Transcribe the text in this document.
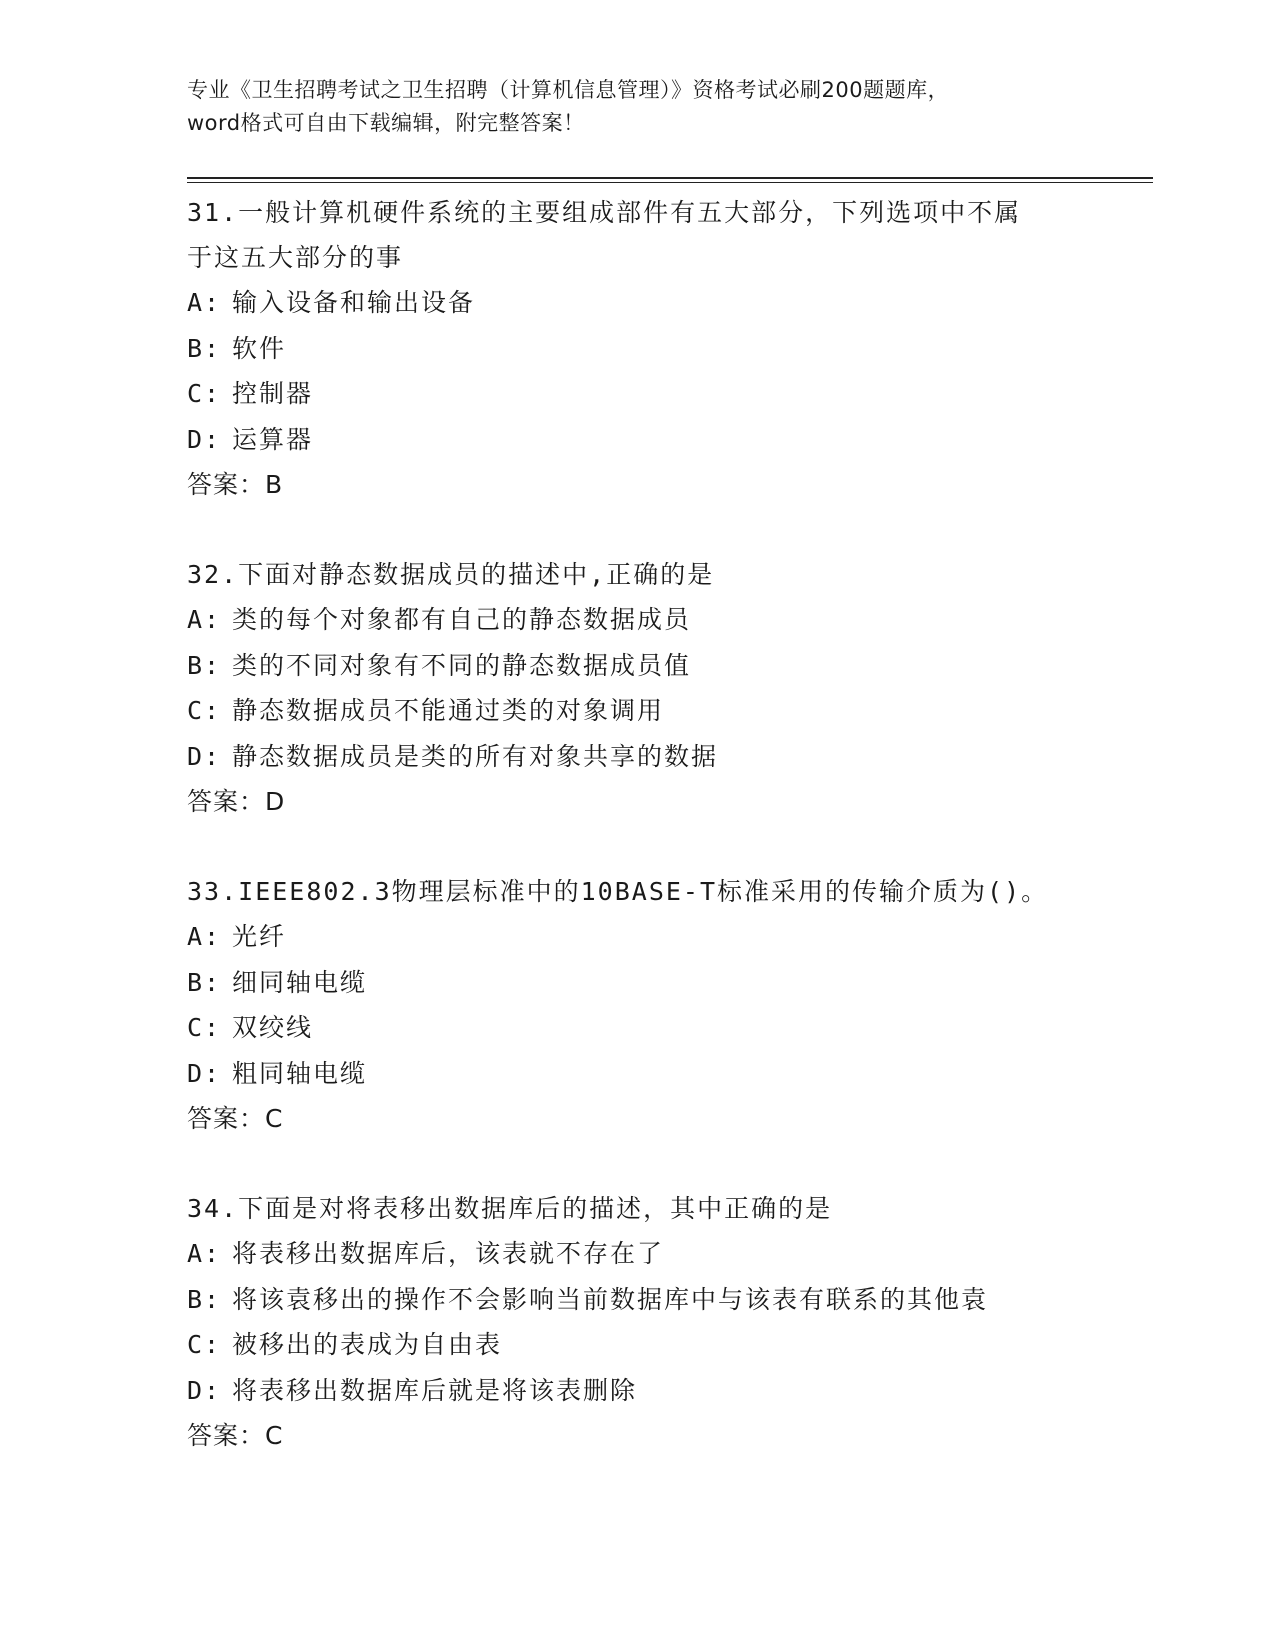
专业《卫生招聘考试之卫生招聘（计算机信息管理）》资格考试必刷200题题库，
word格式可自由下载编辑，附完整答案！

31.一般计算机硬件系统的主要组成部件有五大部分，下列选项中不属

于这五大部分的事

A: 输入设备和输出设备

B: 软件

C: 控制器

D: 运算器

答案：B

32.下面对静态数据成员的描述中,正确的是

A: 类的每个对象都有自己的静态数据成员

B: 类的不同对象有不同的静态数据成员值

C: 静态数据成员不能通过类的对象调用

D: 静态数据成员是类的所有对象共享的数据

答案：D

33.IEEE802.3物理层标准中的10BASE-T标准采用的传输介质为()。

A: 光纤

B: 细同轴电缆

C: 双绞线

D: 粗同轴电缆

答案：C

34.下面是对将表移出数据库后的描述，其中正确的是

A: 将表移出数据库后，该表就不存在了

B: 将该袁移出的操作不会影响当前数据库中与该表有联系的其他袁

C: 被移出的表成为自由表

D: 将表移出数据库后就是将该表删除

答案：C
